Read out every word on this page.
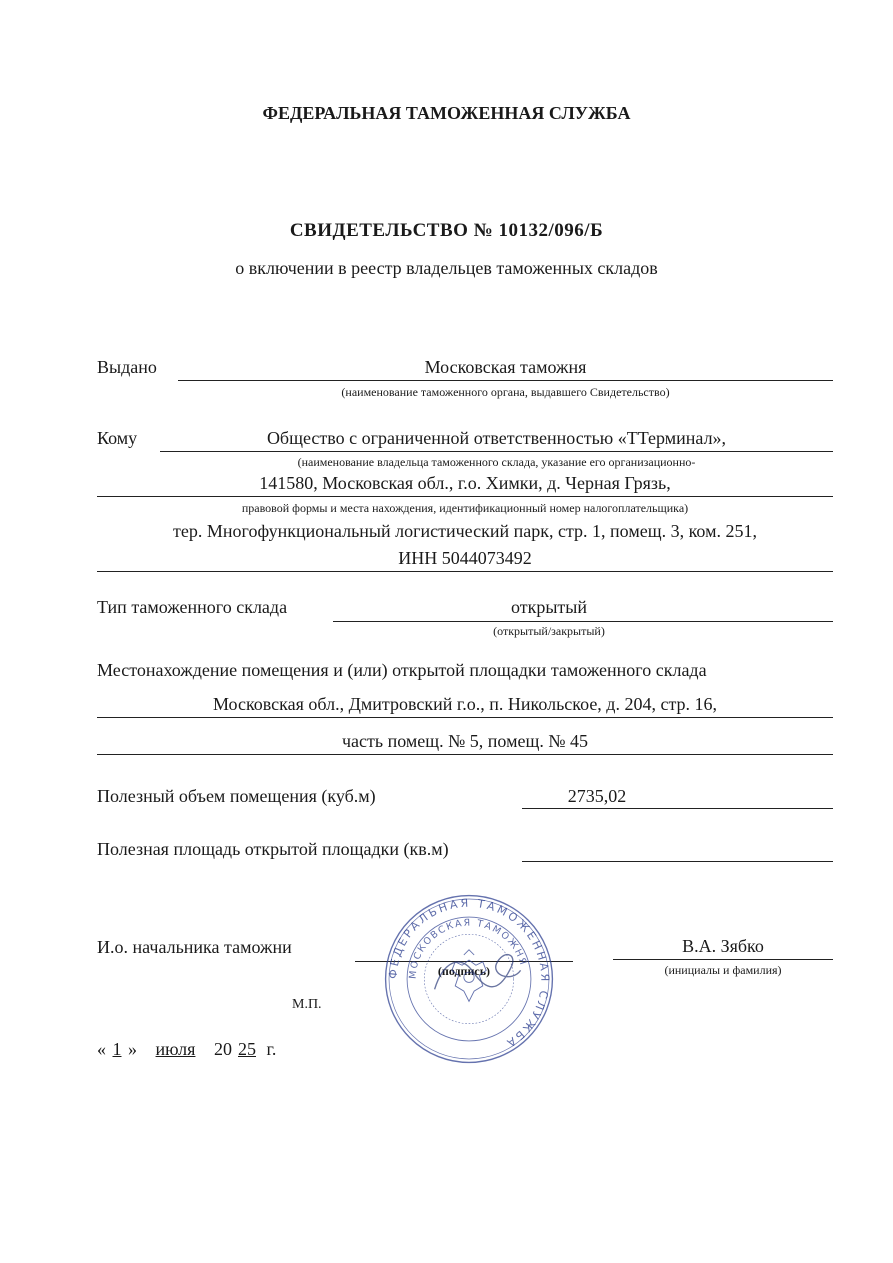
ФЕДЕРАЛЬНАЯ ТАМОЖЕННАЯ СЛУЖБА
СВИДЕТЕЛЬСТВО № 10132/096/Б
о включении в реестр владельцев таможенных складов
Выдано	Московская таможня
(наименование таможенного органа, выдавшего Свидетельство)
Кому	Общество с ограниченной ответственностью «ТТерминал»,
(наименование владельца таможенного склада, указание его организационно-
141580, Московская обл., г.о. Химки, д. Черная Грязь,
правовой формы и места нахождения, идентификационный номер налогоплательщика)
тер. Многофункциональный логистический парк, стр. 1, помещ. 3, ком. 251,
ИНН 5044073492
Тип таможенного склада	открытый
(открытый/закрытый)
Местонахождение помещения и (или) открытой площадки таможенного склада
Московская обл., Дмитровский г.о., п. Никольское, д. 204, стр. 16,
часть помещ. № 5, помещ. № 45
Полезный объем помещения (куб.м)	2735,02
Полезная площадь открытой площадки (кв.м)
И.о. начальника таможни
(подпись)
В.А. Зябко
(инициалы и фамилия)
М.П.
« 1 » июля 20 25 г.
ФЕДЕРАЛЬНАЯ ТАМОЖЕННАЯ СЛУЖБА
МОСКОВСКАЯ ТАМОЖНЯ
